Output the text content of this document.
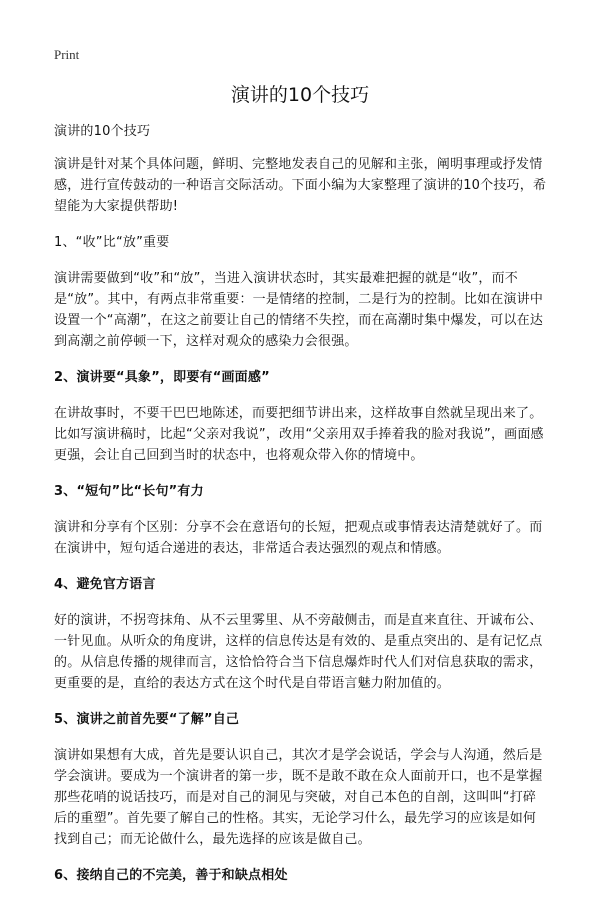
Print
演讲的10个技巧

演讲的10个技巧

演讲是针对某个具体问题，鲜明、完整地发表自己的见解和主张，阐明事理或抒发情感，进行宣传鼓动的一种语言交际活动。下面小编为大家整理了演讲的10个技巧，希望能为大家提供帮助!

1、“收”比“放”重要

演讲需要做到“收”和“放”，当进入演讲状态时，其实最难把握的就是“收”，而不是“放”。其中，有两点非常重要：一是情绪的控制，二是行为的控制。比如在演讲中设置一个“高潮”，在这之前要让自己的情绪不失控，而在高潮时集中爆发，可以在达到高潮之前停顿一下，这样对观众的感染力会很强。

2、演讲要“具象”，即要有“画面感”

在讲故事时，不要干巴巴地陈述，而要把细节讲出来，这样故事自然就呈现出来了。比如写演讲稿时，比起“父亲对我说”，改用“父亲用双手捧着我的脸对我说”，画面感更强，会让自己回到当时的状态中，也将观众带入你的情境中。

3、“短句”比“长句”有力

演讲和分享有个区别：分享不会在意语句的长短，把观点或事情表达清楚就好了。而在演讲中，短句适合递进的表达，非常适合表达强烈的观点和情感。

4、避免官方语言

好的演讲，不拐弯抹角、从不云里雾里、从不旁敲侧击，而是直来直往、开诚布公、一针见血。从听众的角度讲，这样的信息传达是有效的、是重点突出的、是有记忆点的。从信息传播的规律而言，这恰恰符合当下信息爆炸时代人们对信息获取的需求，更重要的是，直给的表达方式在这个时代是自带语言魅力附加值的。

5、演讲之前首先要“了解”自己

演讲如果想有大成，首先是要认识自己，其次才是学会说话，学会与人沟通，然后是学会演讲。要成为一个演讲者的第一步，既不是敢不敢在众人面前开口，也不是掌握那些花哨的说话技巧，而是对自己的洞见与突破，对自己本色的自剖，这叫叫“打碎后的重塑”。首先要了解自己的性格。其实，无论学习什么，最先学习的应该是如何找到自己；而无论做什么，最先选择的应该是做自己。

6、接纳自己的不完美，善于和缺点相处
